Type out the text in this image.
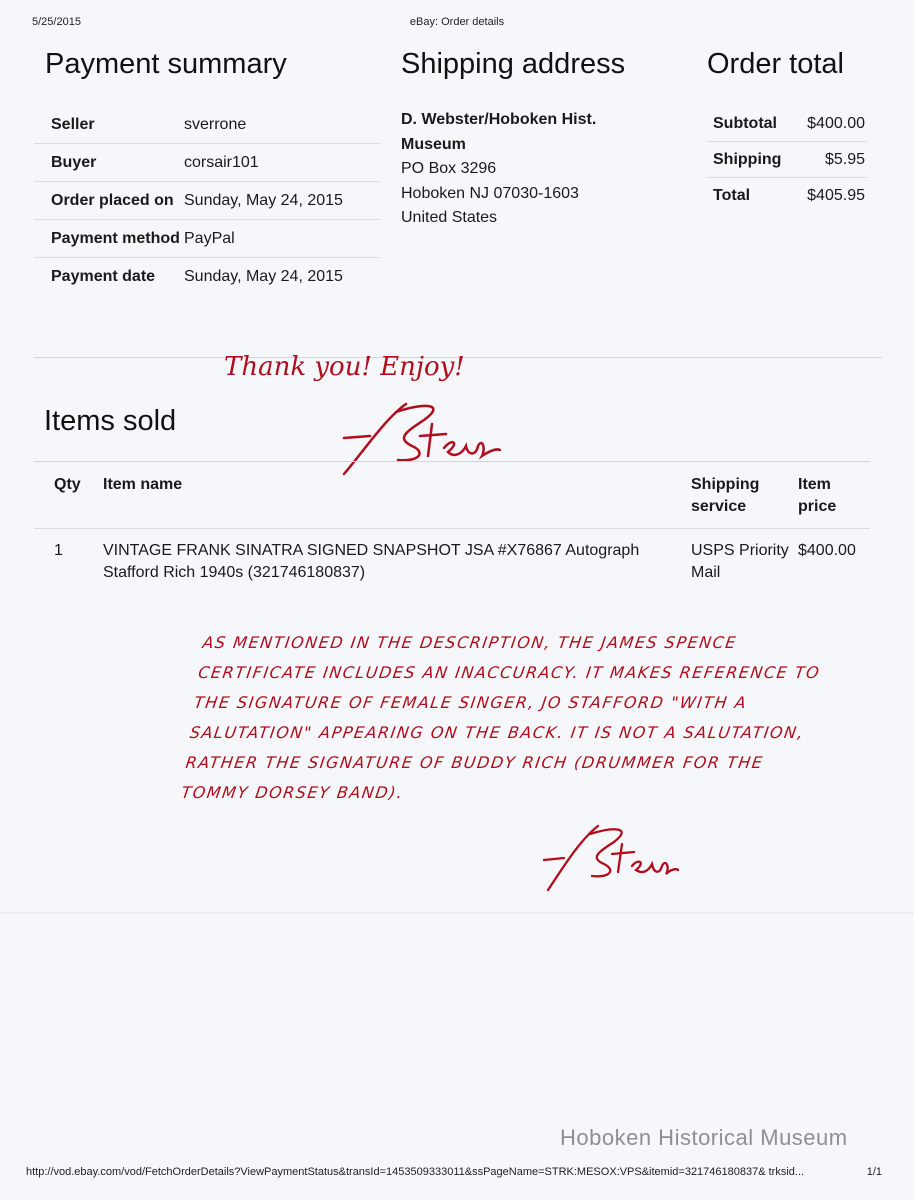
5/25/2015	eBay: Order details
Payment summary	Shipping address	Order total
Seller	sverrone
Buyer	corsair101
Order placed on	Sunday, May 24, 2015
Payment method	PayPal
Payment date	Sunday, May 24, 2015
D. Webster/Hoboken Hist. Museum
PO Box 3296
Hoboken NJ 07030-1603
United States
Subtotal	$400.00
Shipping	$5.95
Total	$405.95
Thank you! Enjoy!
Items sold
Qty	Item name	Shipping service	Item price
1	VINTAGE FRANK SINATRA SIGNED SNAPSHOT JSA #X76867 Autograph Stafford Rich 1940s (321746180837)	USPS Priority Mail	$400.00
AS MENTIONED IN THE DESCRIPTION, THE JAMES SPENCE CERTIFICATE INCLUDES AN INACCURACY. IT MAKES REFERENCE TO THE SIGNATURE OF FEMALE SINGER, JO STAFFORD "WITH A SALUTATION" APPEARING ON THE BACK. IT IS NOT A SALUTATION, RATHER THE SIGNATURE OF BUDDY RICH (DRUMMER FOR THE TOMMY DORSEY BAND).
Hoboken Historical Museum
http://vod.ebay.com/vod/FetchOrderDetails?ViewPaymentStatus&transId=1453509333011&ssPageName=STRK:MESOX:VPS&itemid=321746180837& trksid...	1/1
